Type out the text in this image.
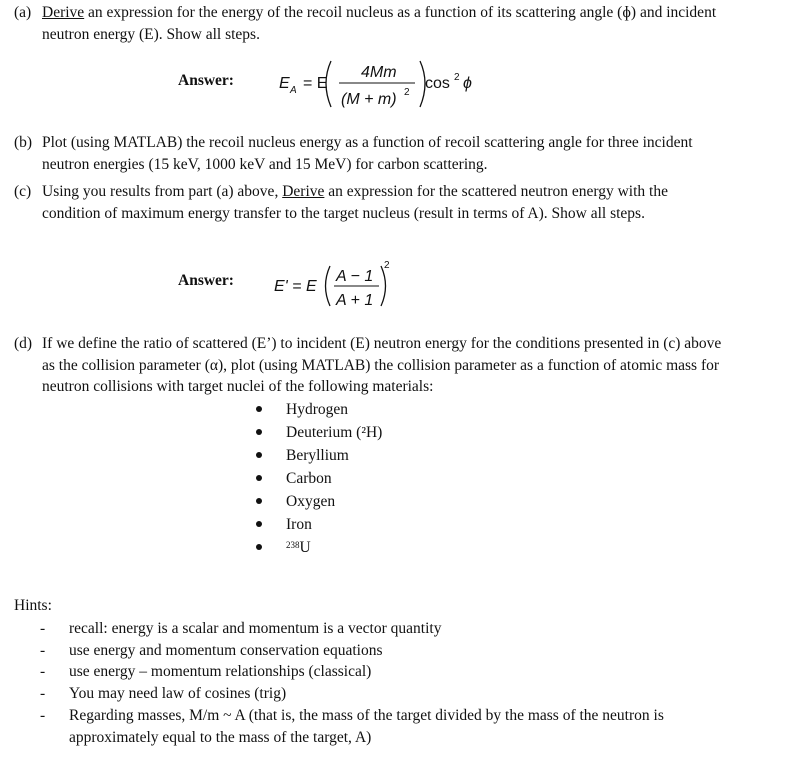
(a) Derive an expression for the energy of the recoil nucleus as a function of its scattering angle (ɸ) and incident neutron energy (E). Show all steps.
Answer:	E A = E
4Mm
(M + m) 2
cos 2 ϕ
(b) Plot (using MATLAB) the recoil nucleus energy as a function of recoil scattering angle for three incident neutron energies (15 keV, 1000 keV and 15 MeV) for carbon scattering.
(c) Using you results from part (a) above, Derive an expression for the scattered neutron energy with the condition of maximum energy transfer to the target nucleus (result in terms of A). Show all steps.
Answer:	E' = E
A − 1
A + 1
2
(d) If we define the ratio of scattered (E’) to incident (E) neutron energy for the conditions presented in (c) above as the collision parameter (α), plot (using MATLAB) the collision parameter as a function of atomic mass for neutron collisions with target nuclei of the following materials:
Hydrogen
Deuterium (²H)
Beryllium
Carbon
Oxygen
Iron
$^{238}$U
Hints:
- recall: energy is a scalar and momentum is a vector quantity
- use energy and momentum conservation equations
- use energy – momentum relationships (classical)
- You may need law of cosines (trig)
- Regarding masses, M/m ~ A (that is, the mass of the target divided by the mass of the neutron is approximately equal to the mass of the target, A)
